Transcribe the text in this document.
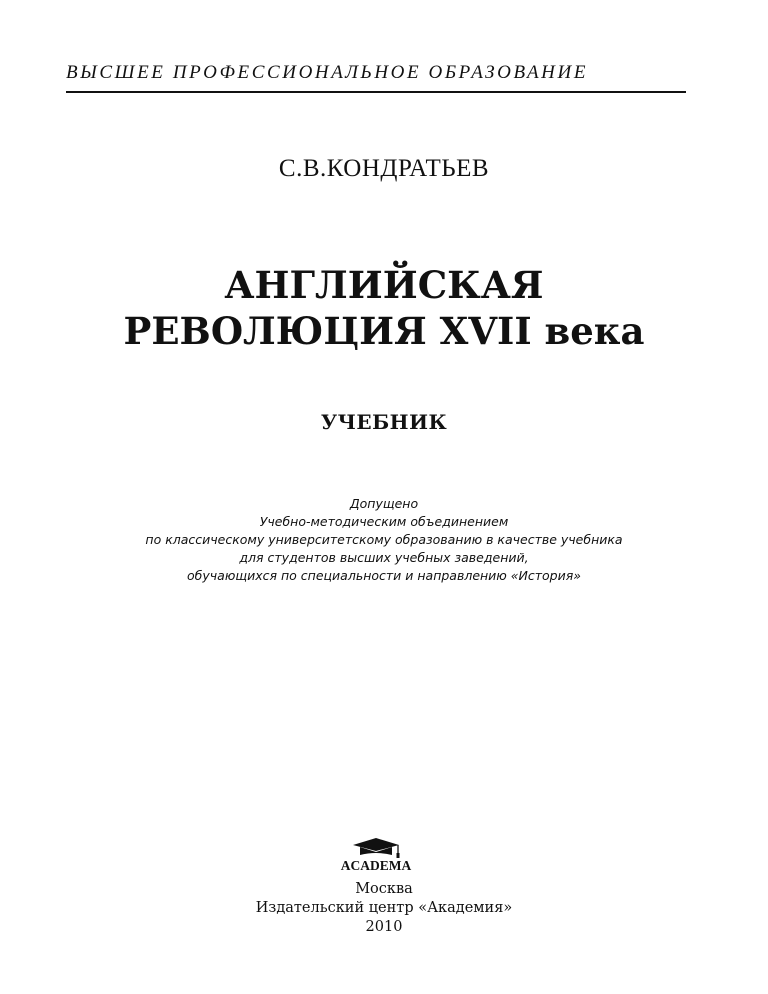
ВЫСШЕЕ ПРОФЕССИОНАЛЬНОЕ ОБРАЗОВАНИЕ
С.В.КОНДРАТЬЕВ
АНГЛИЙСКАЯ
РЕВОЛЮЦИЯ XVII века
УЧЕБНИК
Допущено
Учебно-методическим объединением
по классическому университетскому образованию в качестве учебника
для студентов высших учебных заведений,
обучающихся по специальности и направлению «История»
ACADEMA
Москва
Издательский центр «Академия»
2010
